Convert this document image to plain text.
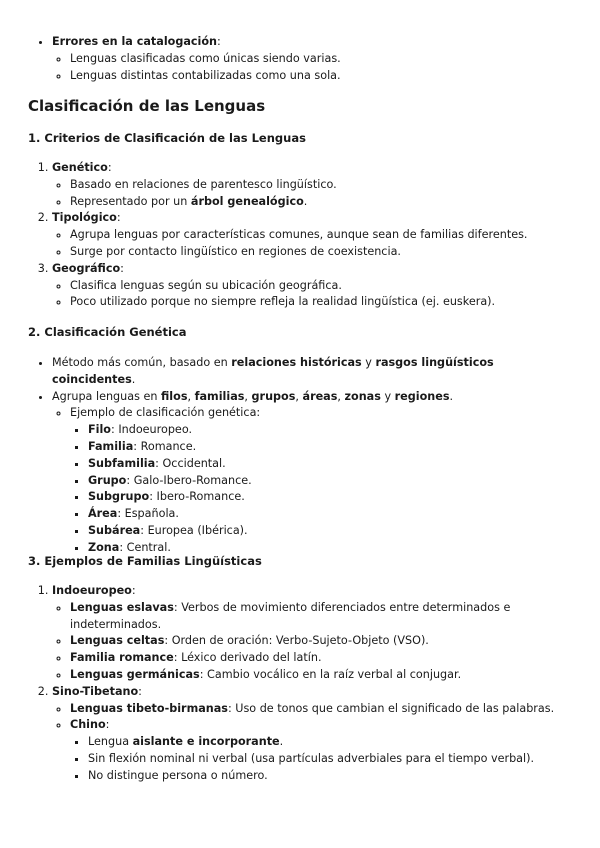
• Errores en la catalogación:
◦ Lenguas clasificadas como únicas siendo varias.
◦ Lenguas distintas contabilizadas como una sola.
Clasificación de las Lenguas
1. Criterios de Clasificación de las Lenguas
1. Genético:
◦ Basado en relaciones de parentesco lingüístico.
◦ Representado por un árbol genealógico.
2. Tipológico:
◦ Agrupa lenguas por características comunes, aunque sean de familias diferentes.
◦ Surge por contacto lingüístico en regiones de coexistencia.
3. Geográfico:
◦ Clasifica lenguas según su ubicación geográfica.
◦ Poco utilizado porque no siempre refleja la realidad lingüística (ej. euskera).
2. Clasificación Genética
• Método más común, basado en relaciones históricas y rasgos lingüísticos coincidentes.
• Agrupa lenguas en filos, familias, grupos, áreas, zonas y regiones.
◦ Ejemplo de clasificación genética:
▪ Filo: Indoeuropeo.
▪ Familia: Romance.
▪ Subfamilia: Occidental.
▪ Grupo: Galo-Ibero-Romance.
▪ Subgrupo: Ibero-Romance.
▪ Área: Española.
▪ Subárea: Europea (Ibérica).
▪ Zona: Central.
3. Ejemplos de Familias Lingüísticas
1. Indoeuropeo:
◦ Lenguas eslavas: Verbos de movimiento diferenciados entre determinados e indeterminados.
◦ Lenguas celtas: Orden de oración: Verbo-Sujeto-Objeto (VSO).
◦ Familia romance: Léxico derivado del latín.
◦ Lenguas germánicas: Cambio vocálico en la raíz verbal al conjugar.
2. Sino-Tibetano:
◦ Lenguas tibeto-birmanas: Uso de tonos que cambian el significado de las palabras.
◦ Chino:
▪ Lengua aislante e incorporante.
▪ Sin flexión nominal ni verbal (usa partículas adverbiales para el tiempo verbal).
▪ No distingue persona o número.
